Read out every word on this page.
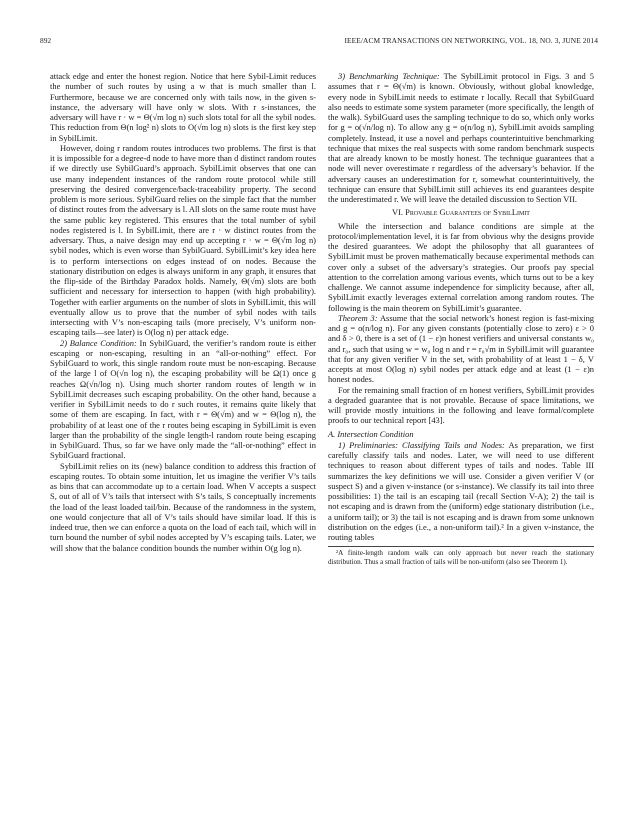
892	IEEE/ACM TRANSACTIONS ON NETWORKING, VOL. 18, NO. 3, JUNE 2014

attack edge and enter the honest region. Notice that here Sybil-Limit reduces the number of such routes by using a w that is much smaller than l. Furthermore, because we are concerned only with tails now, in the given s-instance, the adversary will have only w slots. With r s-instances, the adversary will have r · w = Θ(√m log n) such slots total for all the sybil nodes. This reduction from Θ(n log² n) slots to O(√m log n) slots is the first key step in SybilLimit.

However, doing r random routes introduces two problems. The first is that it is impossible for a degree-d node to have more than d distinct random routes if we directly use SybilGuard’s approach. SybilLimit observes that one can use many independent instances of the random route protocol while still preserving the desired convergence/back-traceability property. The second problem is more serious. SybilGuard relies on the simple fact that the number of distinct routes from the adversary is l. All slots on the same route must have the same public key registered. This ensures that the total number of sybil nodes registered is l. In SybilLimit, there are r · w distinct routes from the adversary. Thus, a naive design may end up accepting r · w = Θ(√m log n) sybil nodes, which is even worse than SybilGuard. SybilLimit’s key idea here is to perform intersections on edges instead of on nodes. Because the stationary distribution on edges is always uniform in any graph, it ensures that the flip-side of the Birthday Paradox holds. Namely, Θ(√m) slots are both sufficient and necessary for intersection to happen (with high probability). Together with earlier arguments on the number of slots in SybilLimit, this will eventually allow us to prove that the number of sybil nodes with tails intersecting with V’s non-escaping tails (more precisely, V’s uniform non-escaping tails—see later) is O(log n) per attack edge.

2) Balance Condition: In SybilGuard, the verifier’s random route is either escaping or non-escaping, resulting in an “all-or-nothing” effect. For SybilGuard to work, this single random route must be non-escaping. Because of the large l of O(√n log n), the escaping probability will be Ω(1) once g reaches Ω(√n/log n). Using much shorter random routes of length w in SybilLimit decreases such escaping probability. On the other hand, because a verifier in SybilLimit needs to do r such routes, it remains quite likely that some of them are escaping. In fact, with r = Θ(√m) and w = Θ(log n), the probability of at least one of the r routes being escaping in SybilLimit is even larger than the probability of the single length-l random route being escaping in SybilGuard. Thus, so far we have only made the “all-or-nothing” effect in SybilGuard fractional.

SybilLimit relies on its (new) balance condition to address this fraction of escaping routes. To obtain some intuition, let us imagine the verifier V’s tails as bins that can accommodate up to a certain load. When V accepts a suspect S, out of all of V’s tails that intersect with S’s tails, S conceptually increments the load of the least loaded tail/bin. Because of the randomness in the system, one would conjecture that all of V’s tails should have similar load. If this is indeed true, then we can enforce a quota on the load of each tail, which will in turn bound the number of sybil nodes accepted by V’s escaping tails. Later, we will show that the balance condition bounds the number within O(g log n).

3) Benchmarking Technique: The SybilLimit protocol in Figs. 3 and 5 assumes that r = Θ(√m) is known. Obviously, without global knowledge, every node in SybilLimit needs to estimate r locally. Recall that SybilGuard also needs to estimate some system parameter (more specifically, the length of the walk). SybilGuard uses the sampling technique to do so, which only works for g = o(√n/log n). To allow any g = o(n/log n), SybilLimit avoids sampling completely. Instead, it use a novel and perhaps counterintuitive benchmarking technique that mixes the real suspects with some random benchmark suspects that are already known to be mostly honest. The technique guarantees that a node will never overestimate r regardless of the adversary’s behavior. If the adversary causes an underestimation for r, somewhat counterintuitively, the technique can ensure that SybilLimit still achieves its end guarantees despite the underestimated r. We will leave the detailed discussion to Section VII.

VI. Provable Guarantees of SybilLimit

While the intersection and balance conditions are simple at the protocol/implementation level, it is far from obvious why the designs provide the desired guarantees. We adopt the philosophy that all guarantees of SybilLimit must be proven mathematically because experimental methods can cover only a subset of the adversary’s strategies. Our proofs pay special attention to the correlation among various events, which turns out to be a key challenge. We cannot assume independence for simplicity because, after all, SybilLimit exactly leverages external correlation among random routes. The following is the main theorem on SybilLimit’s guarantee.

Theorem 3: Assume that the social network’s honest region is fast-mixing and g = o(n/log n). For any given constants (potentially close to zero) ε > 0 and δ > 0, there is a set of (1 − ε)n honest verifiers and universal constants w₀ and r₀, such that using w = w₀ log n and r = r₀√m in SybilLimit will guarantee that for any given verifier V in the set, with probability of at least 1 − δ, V accepts at most O(log n) sybil nodes per attack edge and at least (1 − ε)n honest nodes.

For the remaining small fraction of εn honest verifiers, SybilLimit provides a degraded guarantee that is not provable. Because of space limitations, we will provide mostly intuitions in the following and leave formal/complete proofs to our technical report [43].

A. Intersection Condition

1) Preliminaries: Classifying Tails and Nodes: As preparation, we first carefully classify tails and nodes. Later, we will need to use different techniques to reason about different types of tails and nodes. Table III summarizes the key definitions we will use. Consider a given verifier V (or suspect S) and a given v-instance (or s-instance). We classify its tail into three possibilities: 1) the tail is an escaping tail (recall Section V-A); 2) the tail is not escaping and is drawn from the (uniform) edge stationary distribution (i.e., a uniform tail); or 3) the tail is not escaping and is drawn from some unknown distribution on the edges (i.e., a non-uniform tail).² In a given v-instance, the routing tables

²A finite-length random walk can only approach but never reach the stationary distribution. Thus a small fraction of tails will be non-uniform (also see Theorem 1).
